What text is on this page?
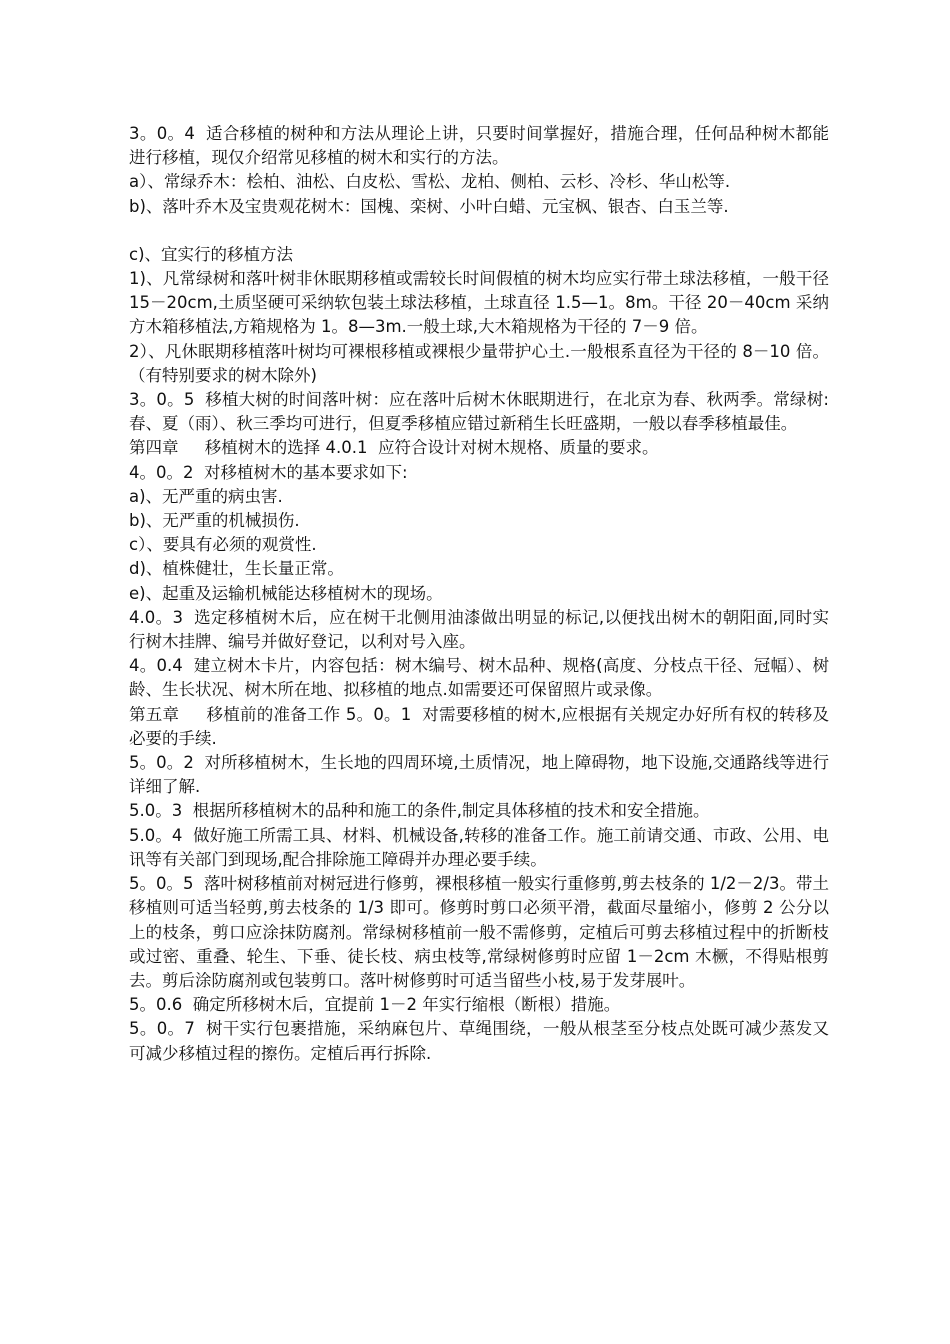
3。0。4  适合移植的树种和方法从理论上讲，只要时间掌握好，措施合理，任何品种树木都能进行移植，现仅介绍常见移植的树木和实行的方法。

a）、常绿乔木：桧柏、油松、白皮松、雪松、龙柏、侧柏、云杉、冷杉、华山松等.

b)、落叶乔木及宝贵观花树木：国槐、栾树、小叶白蜡、元宝枫、银杏、白玉兰等.

c)、宜实行的移植方法

1)、凡常绿树和落叶树非休眠期移植或需较长时间假植的树木均应实行带土球法移植，一般干径 15－20cm,土质坚硬可采纳软包装土球法移植，土球直径 1.5—1。8m。干径 20－40cm 采纳方木箱移植法,方箱规格为 1。8—3m.一般土球,大木箱规格为干径的 7－9 倍。

2）、凡休眠期移植落叶树均可裸根移植或裸根少量带护心土.一般根系直径为干径的 8－10 倍。（有特别要求的树木除外)

3。0。5  移植大树的时间落叶树：应在落叶后树木休眠期进行，在北京为春、秋两季。常绿树:春、夏（雨）、秋三季均可进行，但夏季移植应错过新稍生长旺盛期，一般以春季移植最佳。

第四章     移植树木的选择 4.0.1  应符合设计对树木规格、质量的要求。

4。0。2  对移植树木的基本要求如下:

a)、无严重的病虫害.

b)、无严重的机械损伤.

c）、要具有必须的观赏性.

d)、植株健壮，生长量正常。

e)、起重及运输机械能达移植树木的现场。

4.0。3  选定移植树木后，应在树干北侧用油漆做出明显的标记,以便找出树木的朝阳面,同时实行树木挂牌、编号并做好登记，以利对号入座。

4。0.4  建立树木卡片，内容包括：树木编号、树木品种、规格(高度、分枝点干径、冠幅）、树龄、生长状况、树木所在地、拟移植的地点.如需要还可保留照片或录像。

第五章     移植前的准备工作 5。0。1  对需要移植的树木,应根据有关规定办好所有权的转移及必要的手续.

5。0。2  对所移植树木，生长地的四周环境,土质情况，地上障碍物，地下设施,交通路线等进行详细了解.

5.0。3  根据所移植树木的品种和施工的条件,制定具体移植的技术和安全措施。

5.0。4  做好施工所需工具、材料、机械设备,转移的准备工作。施工前请交通、市政、公用、电讯等有关部门到现场,配合排除施工障碍并办理必要手续。

5。0。5  落叶树移植前对树冠进行修剪，裸根移植一般实行重修剪,剪去枝条的 1/2－2/3。带土移植则可适当轻剪,剪去枝条的 1/3 即可。修剪时剪口必须平滑，截面尽量缩小，修剪 2 公分以上的枝条，剪口应涂抹防腐剂。常绿树移植前一般不需修剪，定植后可剪去移植过程中的折断枝或过密、重叠、轮生、下垂、徒长枝、病虫枝等,常绿树修剪时应留 1－2cm 木橛，不得贴根剪去。剪后涂防腐剂或包装剪口。落叶树修剪时可适当留些小枝,易于发芽展叶。

5。0.6  确定所移树木后，宜提前 1－2 年实行缩根（断根）措施。

5。0。7  树干实行包裹措施，采纳麻包片、草绳围绕，一般从根茎至分枝点处既可减少蒸发又可减少移植过程的擦伤。定植后再行拆除.
